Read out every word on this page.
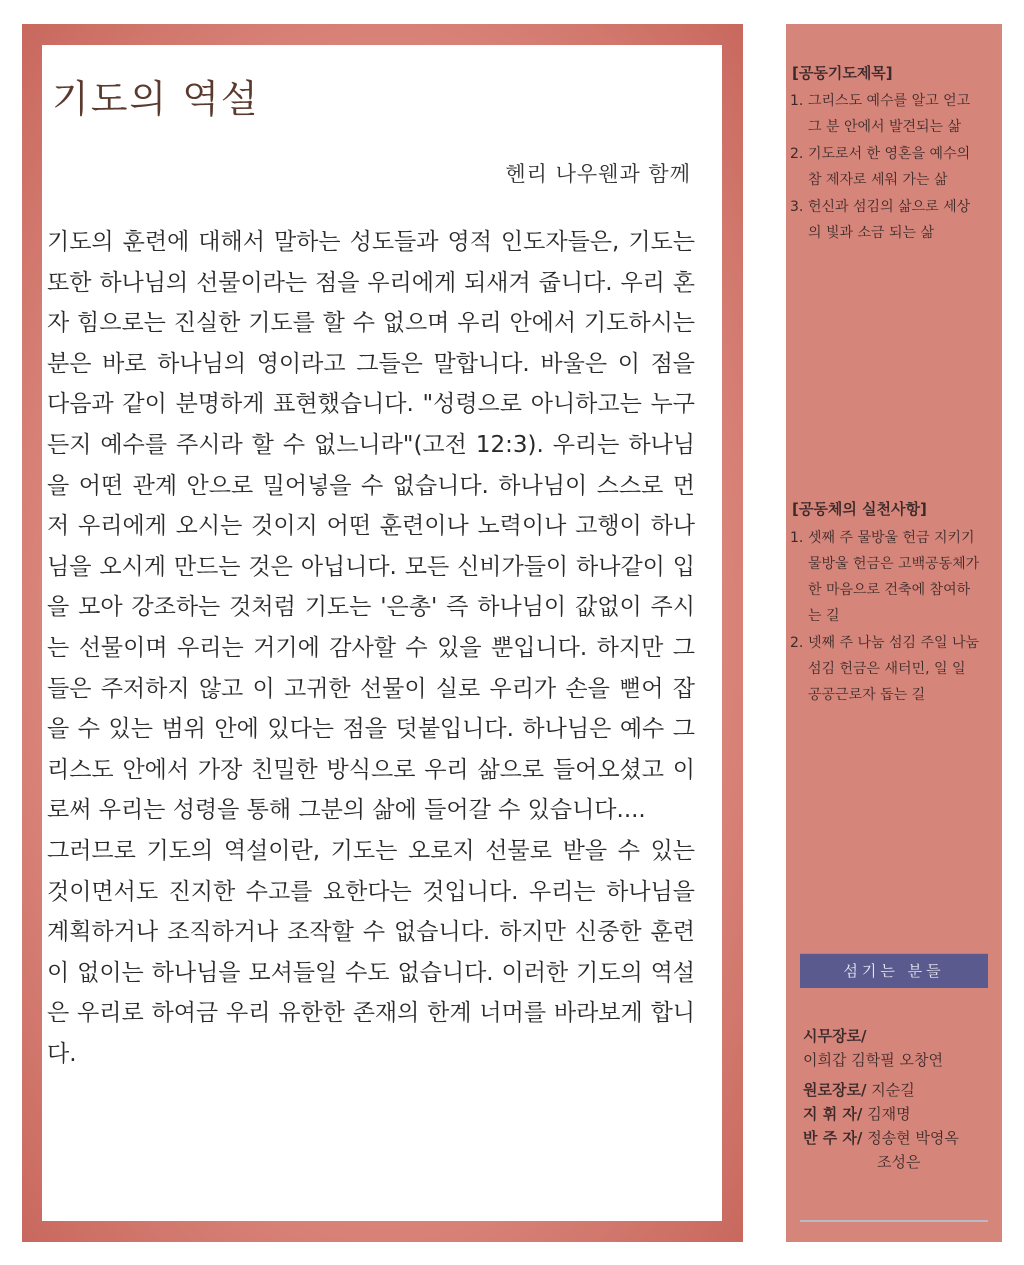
기도의 역설
헨리 나우웬과 함께

기도의 훈련에 대해서 말하는 성도들과 영적 인도자들은, 기도는 또한 하나님의 선물이라는 점을 우리에게 되새겨 줍니다. 우리 혼자 힘으로는 진실한 기도를 할 수 없으며 우리 안에서 기도하시는 분은 바로 하나님의 영이라고 그들은 말합니다. 바울은 이 점을 다음과 같이 분명하게 표현했습니다. "성령으로 아니하고는 누구든지 예수를 주시라 할 수 없느니라"(고전 12:3). 우리는 하나님을 어떤 관계 안으로 밀어넣을 수 없습니다. 하나님이 스스로 먼저 우리에게 오시는 것이지 어떤 훈련이나 노력이나 고행이 하나님을 오시게 만드는 것은 아닙니다. 모든 신비가들이 하나같이 입을 모아 강조하는 것처럼 기도는 '은총' 즉 하나님이 값없이 주시는 선물이며 우리는 거기에 감사할 수 있을 뿐입니다. 하지만 그들은 주저하지 않고 이 고귀한 선물이 실로 우리가 손을 뻗어 잡을 수 있는 범위 안에 있다는 점을 덧붙입니다. 하나님은 예수 그리스도 안에서 가장 친밀한 방식으로 우리 삶으로 들어오셨고 이로써 우리는 성령을 통해 그분의 삶에 들어갈 수 있습니다....

그러므로 기도의 역설이란, 기도는 오로지 선물로 받을 수 있는 것이면서도 진지한 수고를 요한다는 것입니다. 우리는 하나님을 계획하거나 조직하거나 조작할 수 없습니다. 하지만 신중한 훈련이 없이는 하나님을 모셔들일 수도 없습니다. 이러한 기도의 역설은 우리로 하여금 우리 유한한 존재의 한계 너머를 바라보게 합니다.

[공동기도제목]
1. 그리스도 예수를 알고 얻고 그 분 안에서 발견되는 삶
2. 기도로서 한 영혼을 예수의 참 제자로 세워 가는 삶
3. 헌신과 섬김의 삶으로 세상의 빛과 소금 되는 삶
[공동체의 실천사항]
1. 셋째 주 물방울 헌금 지키기 물방울 헌금은 고백공동체가 한 마음으로 건축에 참여하는 길
2. 넷째 주 나눔 섬김 주일 나눔 섬김 헌금은 새터민, 일 일 공공근로자 돕는 길
섬기는 분들
시무장로/
이희갑 김학필 오창연
원로장로/ 지순길
지 휘 자/ 김재명
반 주 자/ 정송현 박영옥
조성은
